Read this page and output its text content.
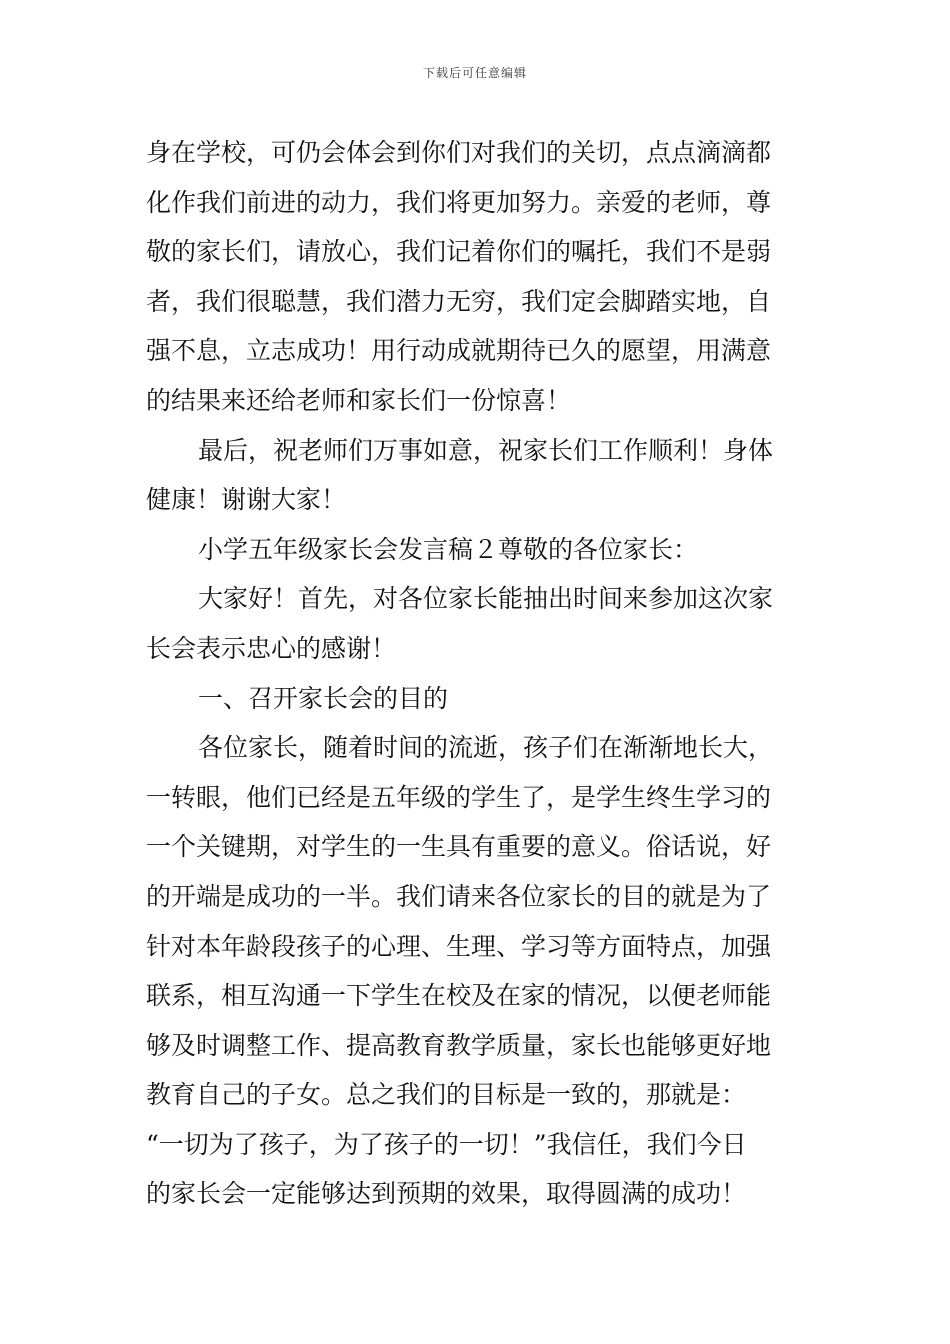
下载后可任意编辑
身在学校，可仍会体会到你们对我们的关切，点点滴滴都
化作我们前进的动力，我们将更加努力。亲爱的老师，尊
敬的家长们，请放心，我们记着你们的嘱托，我们不是弱
者，我们很聪慧，我们潜力无穷，我们定会脚踏实地，自
强不息，立志成功！用行动成就期待已久的愿望，用满意
的结果来还给老师和家长们一份惊喜！
最后，祝老师们万事如意，祝家长们工作顺利！身体
健康！谢谢大家！
小学五年级家长会发言稿２尊敬的各位家长：
大家好！首先，对各位家长能抽出时间来参加这次家
长会表示忠心的感谢！
一、召开家长会的目的
各位家长，随着时间的流逝，孩子们在渐渐地长大，
一转眼，他们已经是五年级的学生了，是学生终生学习的
一个关键期，对学生的一生具有重要的意义。俗话说，好
的开端是成功的一半。我们请来各位家长的目的就是为了
针对本年龄段孩子的心理、生理、学习等方面特点，加强
联系，相互沟通一下学生在校及在家的情况，以便老师能
够及时调整工作、提高教育教学质量，家长也能够更好地
教育自己的子女。总之我们的目标是一致的，那就是：
“一切为了孩子，为了孩子的一切！”我信任，我们今日
的家长会一定能够达到预期的效果，取得圆满的成功！
